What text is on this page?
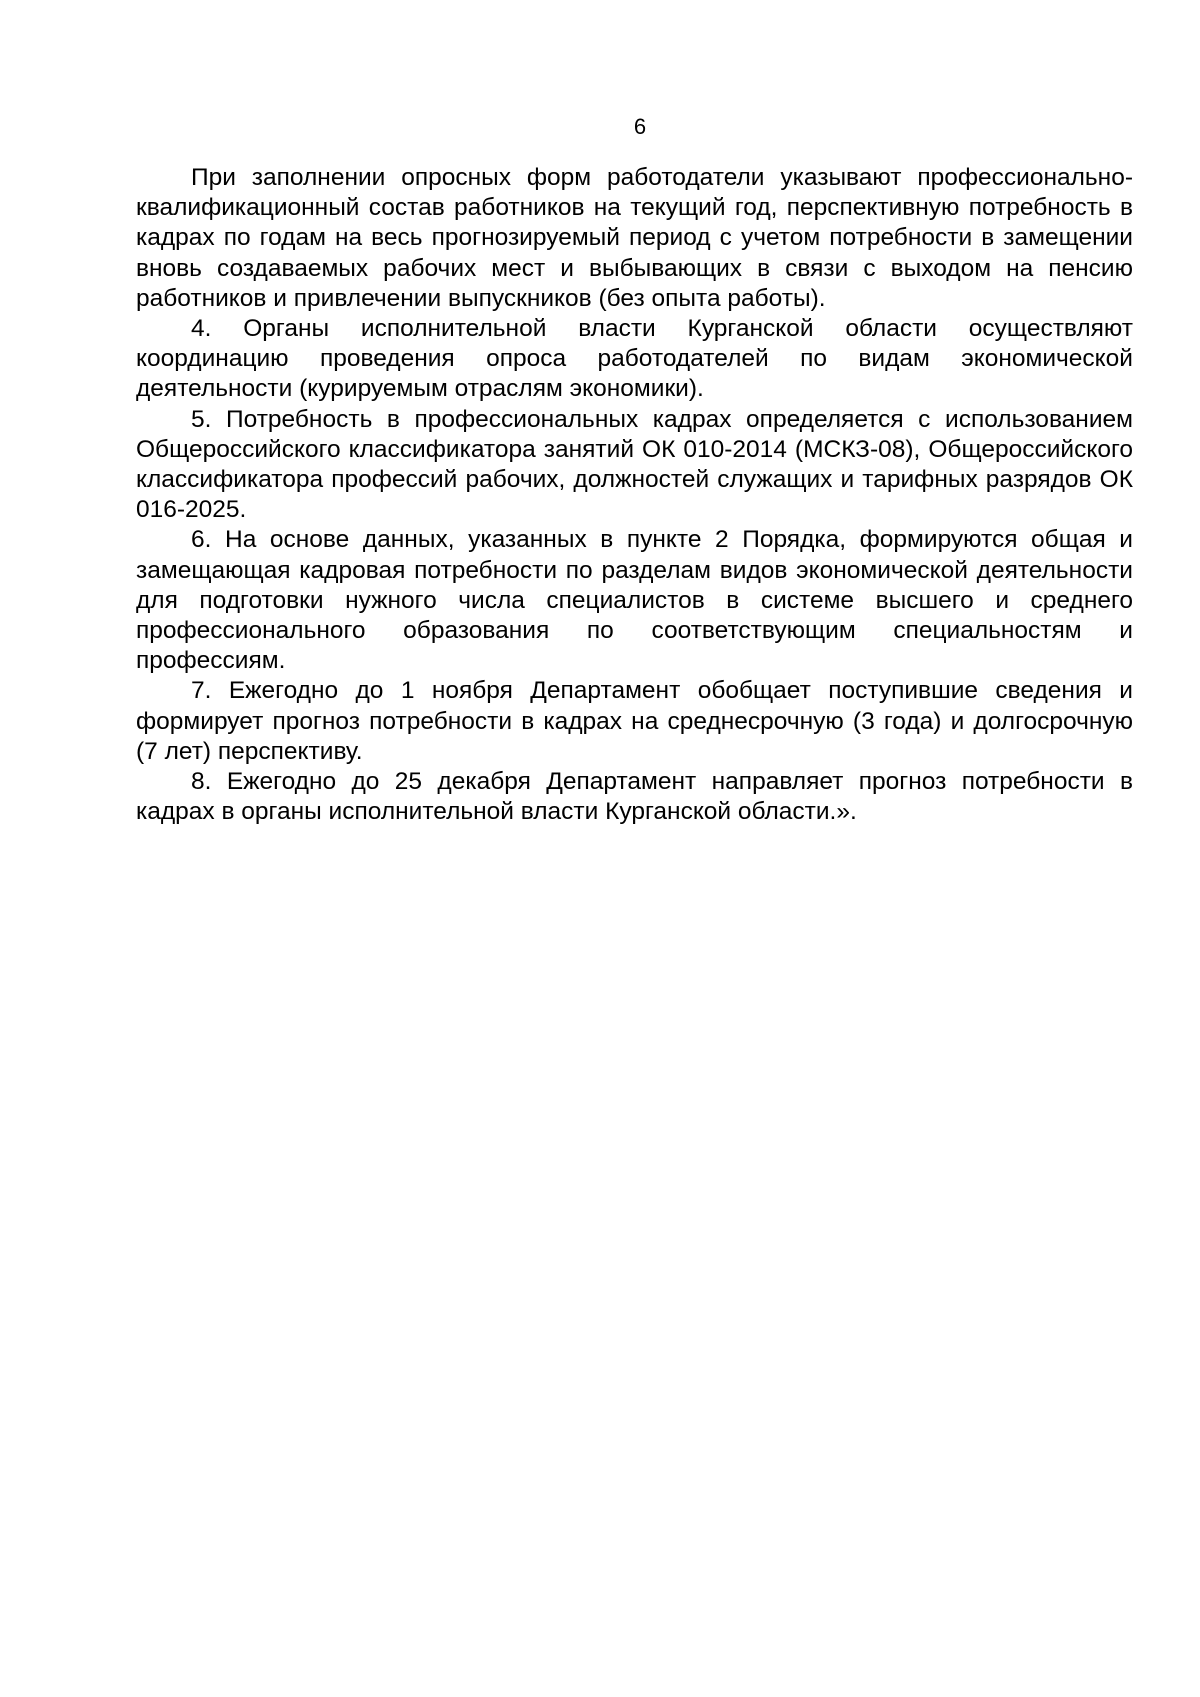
6

При заполнении опросных форм работодатели указывают профессионально-квалификационный состав работников на текущий год, перспективную потребность в кадрах по годам на весь прогнозируемый период с учетом потребности в замещении вновь создаваемых рабочих мест и выбывающих в связи с выходом на пенсию работников и привлечении выпускников (без опыта работы).

4. Органы исполнительной власти Курганской области осуществляют координацию проведения опроса работодателей по видам экономической деятельности (курируемым отраслям экономики).

5. Потребность в профессиональных кадрах определяется с использованием Общероссийского классификатора занятий ОК 010-2014 (МСКЗ-08), Общероссийского классификатора профессий рабочих, должностей служащих и тарифных разрядов ОК 016-2025.

6. На основе данных, указанных в пункте 2 Порядка, формируются общая и замещающая кадровая потребности по разделам видов экономической деятельности для подготовки нужного числа специалистов в системе высшего и среднего профессионального образования по соответствующим специальностям и профессиям.

7. Ежегодно до 1 ноября Департамент обобщает поступившие сведения и формирует прогноз потребности в кадрах на среднесрочную (3 года) и долгосрочную (7 лет) перспективу.

8. Ежегодно до 25 декабря Департамент направляет прогноз потребности в кадрах в органы исполнительной власти Курганской области.».
